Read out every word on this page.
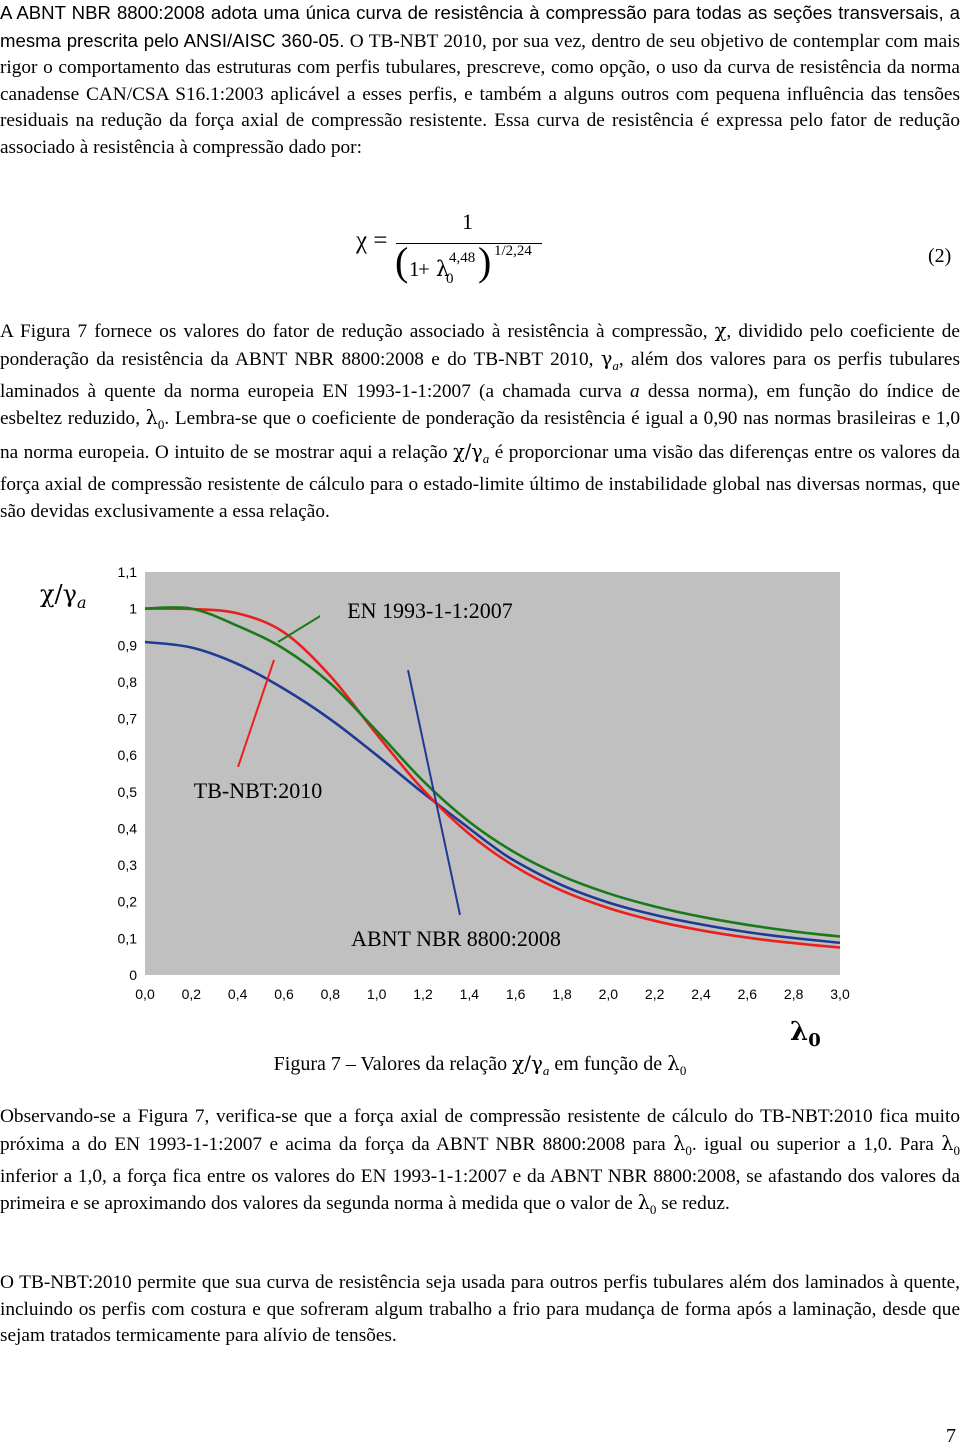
A ABNT NBR 8800:2008 adota uma única curva de resistência à compressão para todas as seções transversais, a mesma prescrita pelo ANSI/AISC 360-05. O TB-NBT 2010, por sua vez, dentro de seu objetivo de contemplar com mais rigor o comportamento das estruturas com perfis tubulares, prescreve, como opção, o uso da curva de resistência da norma canadense CAN/CSA S16.1:2003 aplicável a esses perfis, e também a alguns outros com pequena influência das tensões residuais na redução da força axial de compressão resistente. Essa curva de resistência é expressa pelo fator de redução associado à resistência à compressão dado por:
χ =
1
( 1
+ λ
0
4,48 ) 1/2,24	(2)
A Figura 7 fornece os valores do fator de redução associado à resistência à compressão, χ, dividido pelo coeficiente de ponderação da resistência da ABNT NBR 8800:2008 e do TB-NBT 2010, $\gamma_a$, além dos valores para os perfis tubulares laminados à quente da norma europeia EN 1993-1-1:2007 (a chamada curva a dessa norma), em função do índice de esbeltez reduzido, $\lambda_0$. Lembra-se que o coeficiente de ponderação da resistência é igual a 0,90 nas normas brasileiras e 1,0 na norma europeia. O intuito de se mostrar aqui a relação $\chi/\gamma_a$ é proporcionar uma visão das diferenças entre os valores da força axial de compressão resistente de cálculo para o estado-limite último de instabilidade global nas diversas normas, que são devidas exclusivamente a essa relação.
0
0,1
0,2
0,3
0,4
0,5
0,6
0,7
0,8
0,9
1
1,1
0,0 0,2 0,4 0,6 0,8 1,0 1,2 1,4 1,6 1,8 2,0 2,2 2,4 2,6 2,8 3,0
EN 1993-1-1:2007
TB-NBT:2010
ABNT NBR 8800:2008
$\chi/\gamma_a$
$\lambda_0$
Figura 7 – Valores da relação $\chi/\gamma_a$ em função de $\lambda_0$
Observando-se a Figura 7, verifica-se que a força axial de compressão resistente de cálculo do TB-NBT:2010 fica muito próxima a do EN 1993-1-1:2007 e acima da força da ABNT NBR 8800:2008 para $\lambda_0$. igual ou superior a 1,0. Para $\lambda_0$ inferior a 1,0, a força fica entre os valores do EN 1993-1-1:2007 e da ABNT NBR 8800:2008, se afastando dos valores da primeira e se aproximando dos valores da segunda norma à medida que o valor de $\lambda_0$ se reduz.
O TB-NBT:2010 permite que sua curva de resistência seja usada para outros perfis tubulares além dos laminados à quente, incluindo os perfis com costura e que sofreram algum trabalho a frio para mudança de forma após a laminação, desde que sejam tratados termicamente para alívio de tensões.
7
